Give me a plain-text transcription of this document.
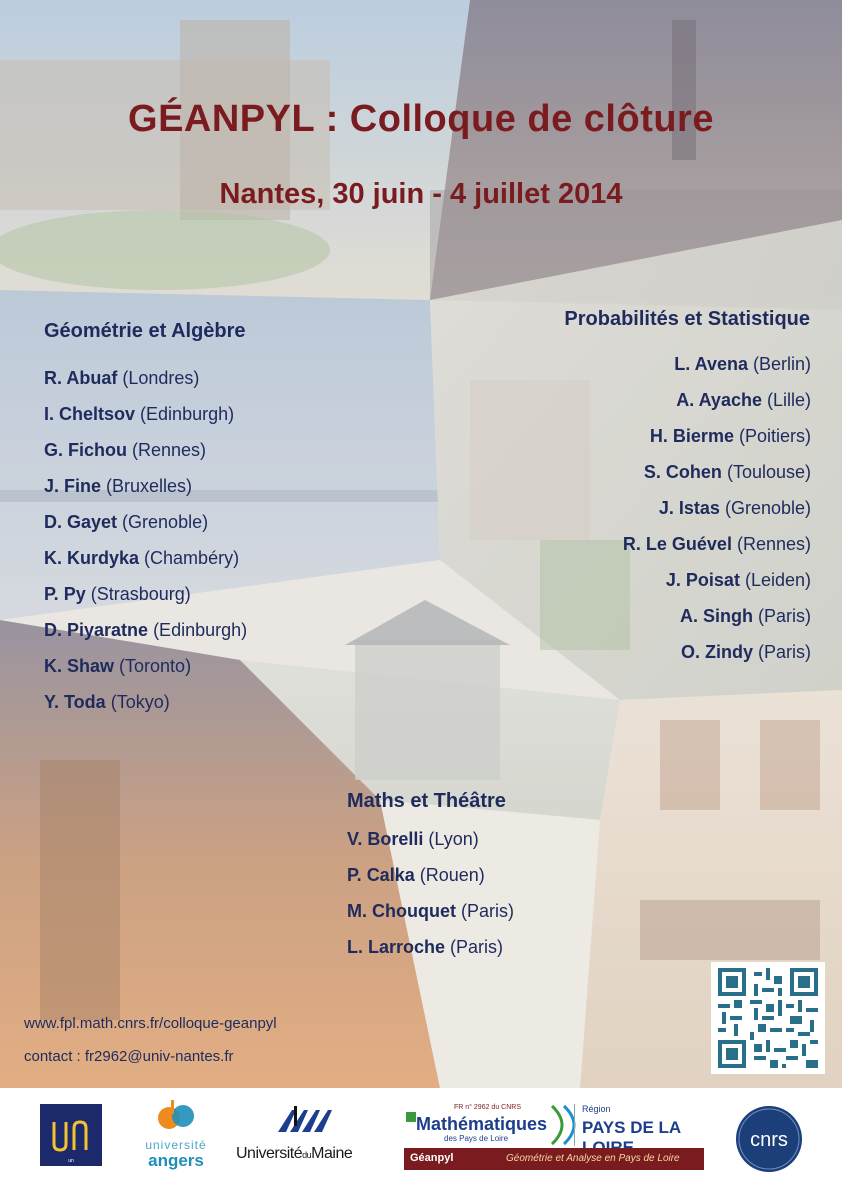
GÉANPYL : Colloque de clôture
Nantes, 30 juin - 4 juillet 2014
Géométrie et Algèbre
R. Abuaf (Londres)
I. Cheltsov (Edinburgh)
G. Fichou (Rennes)
J. Fine (Bruxelles)
D. Gayet (Grenoble)
K. Kurdyka (Chambéry)
P. Py (Strasbourg)
D. Piyaratne (Edinburgh)
K. Shaw (Toronto)
Y. Toda (Tokyo)
Probabilités et Statistique
L. Avena (Berlin)
A. Ayache (Lille)
H. Bierme (Poitiers)
S. Cohen (Toulouse)
J. Istas (Grenoble)
R. Le Guével (Rennes)
J. Poisat (Leiden)
A. Singh (Paris)
O. Zindy (Paris)
Maths et Théâtre
V. Borelli (Lyon)
P. Calka (Rouen)
M. Chouquet (Paris)
L. Larroche (Paris)
www.fpl.math.cnrs.fr/colloque-geanpyl
contact : fr2962@univ-nantes.fr
un
université
angers	UniversitéduMaine
FR n° 2962 du CNRS
Mathématiques
des Pays de Loire
Région
PAYS DE LA
Géanpyl	Géométrie et Analyse en Pays de Loire
cnrs
